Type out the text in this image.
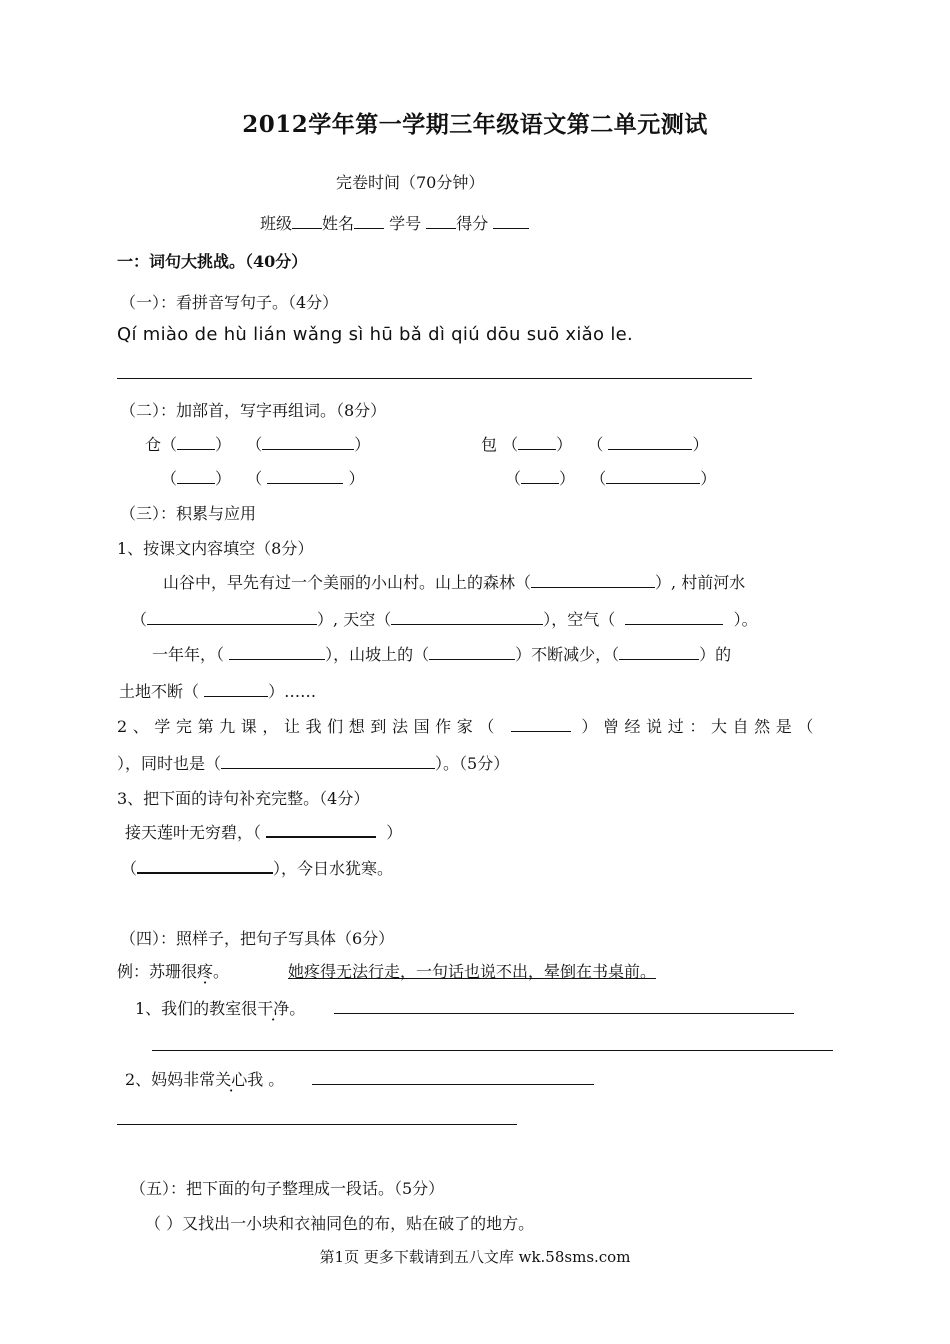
2012学年第一学期三年级语文第二单元测试
完卷时间（70分钟）
班级 姓名 学号 得分
一：词句大挑战。（40分）
（一）：看拼音写句子。（4分）
Qí miào de hù lián wǎng sì hū bǎ dì qiú dōu suō xiǎo le.
（二）：加部首，写字再组词。（8分）
仓（ ）   （	）	包 （ ）   （	）
（ ）   （	）	（ ）   （	）
（三）：积累与应用
1、按课文内容填空（8分）
山谷中，早先有过一个美丽的小山村。山上的森林（	）, 村前河水
（	）, 天空（	），空气（	）。
一年年，（	），山坡上的（	）不断减少，（	）的
土地不断（	）……
2、学完第九课，让我们想到法国作家（	）曾经说过：大自然是（
），同时也是（	）。（5分）
3、把下面的诗句补充完整。（4分）
接天莲叶无穷碧，（	）
（	），今日水犹寒。
（四）：照样子，把句子写具体（6分）
例：苏珊很疼。	她疼得无法行走，一句话也说不出，晕倒在书桌前。
1、我们的教室很干净。
2、妈妈非常关心我 。
（五）：把下面的句子整理成一段话。（5分）
（ ）又找出一小块和衣袖同色的布，贴在破了的地方。
第1页 更多下载请到五八文库 wk.58sms.com
